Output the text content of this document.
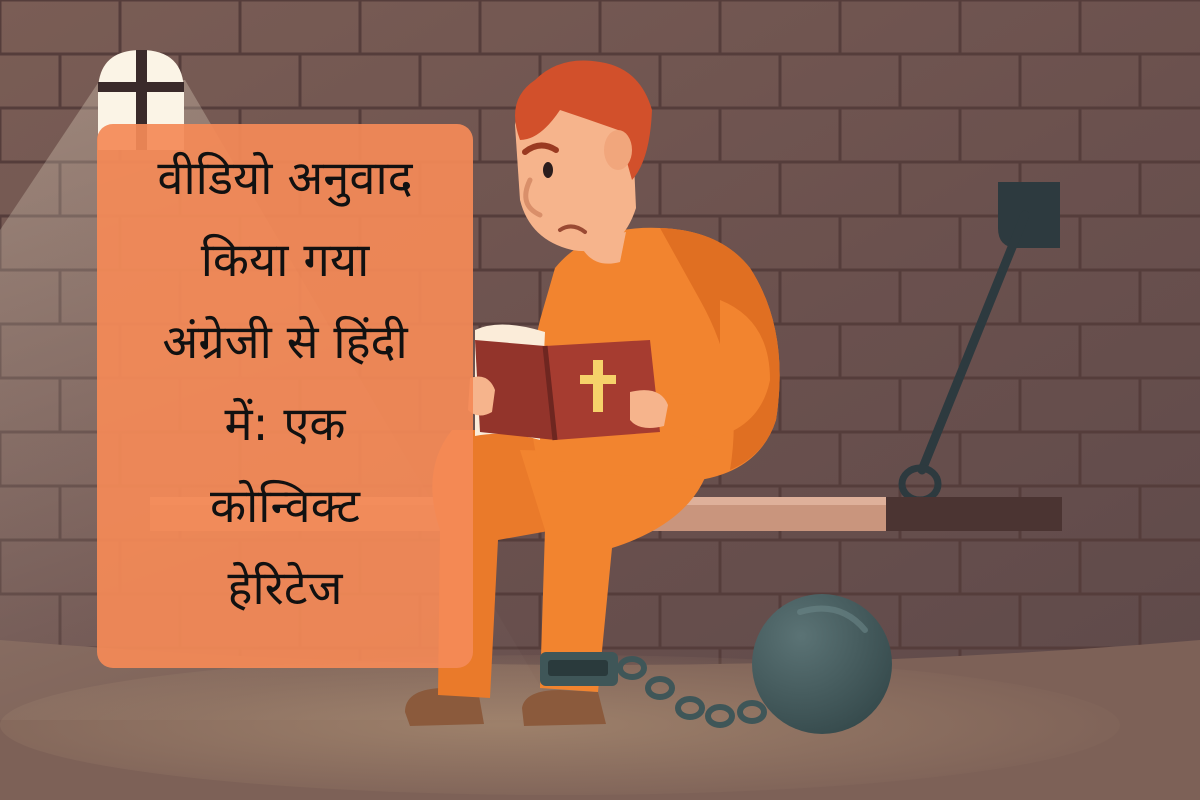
वीडियो अनुवाद
किया गया
अंग्रेजी से हिंदी
में: एक
कोन्विक्ट
हेरिटेज
